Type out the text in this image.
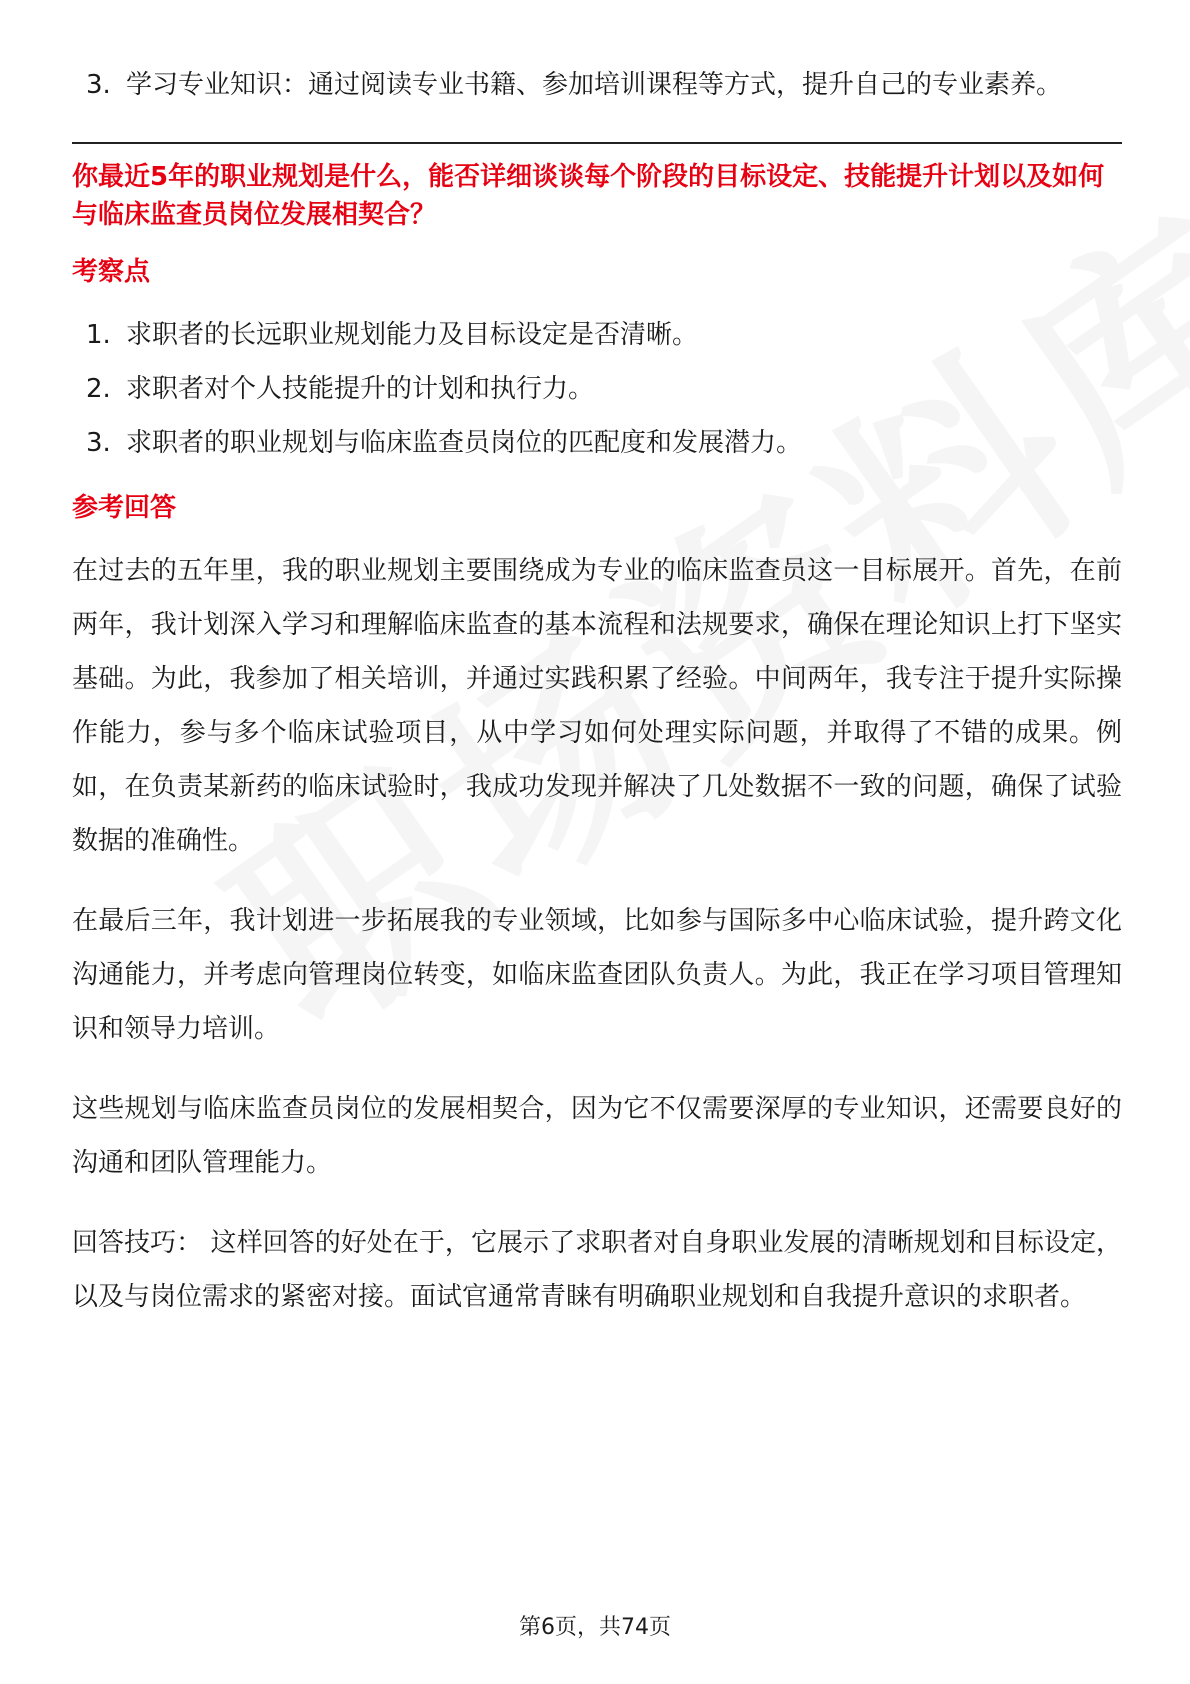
3. 学习专业知识：通过阅读专业书籍、参加培训课程等方式，提升自己的专业素养。
你最近5年的职业规划是什么，能否详细谈谈每个阶段的目标设定、技能提升计划以及如何与临床监查员岗位发展相契合？
考察点
1. 求职者的长远职业规划能力及目标设定是否清晰。
2. 求职者对个人技能提升的计划和执行力。
3. 求职者的职业规划与临床监查员岗位的匹配度和发展潜力。
参考回答

在过去的五年里，我的职业规划主要围绕成为专业的临床监查员这一目标展开。首先，在前两年，我计划深入学习和理解临床监查的基本流程和法规要求，确保在理论知识上打下坚实基础。为此，我参加了相关培训，并通过实践积累了经验。中间两年，我专注于提升实际操作能力，参与多个临床试验项目，从中学习如何处理实际问题，并取得了不错的成果。例如，在负责某新药的临床试验时，我成功发现并解决了几处数据不一致的问题，确保了试验数据的准确性。

在最后三年，我计划进一步拓展我的专业领域，比如参与国际多中心临床试验，提升跨文化沟通能力，并考虑向管理岗位转变，如临床监查团队负责人。为此，我正在学习项目管理知识和领导力培训。

这些规划与临床监查员岗位的发展相契合，因为它不仅需要深厚的专业知识，还需要良好的沟通和团队管理能力。

回答技巧： 这样回答的好处在于，它展示了求职者对自身职业发展的清晰规划和目标设定，以及与岗位需求的紧密对接。面试官通常青睐有明确职业规划和自我提升意识的求职者。

第6页，共74页
